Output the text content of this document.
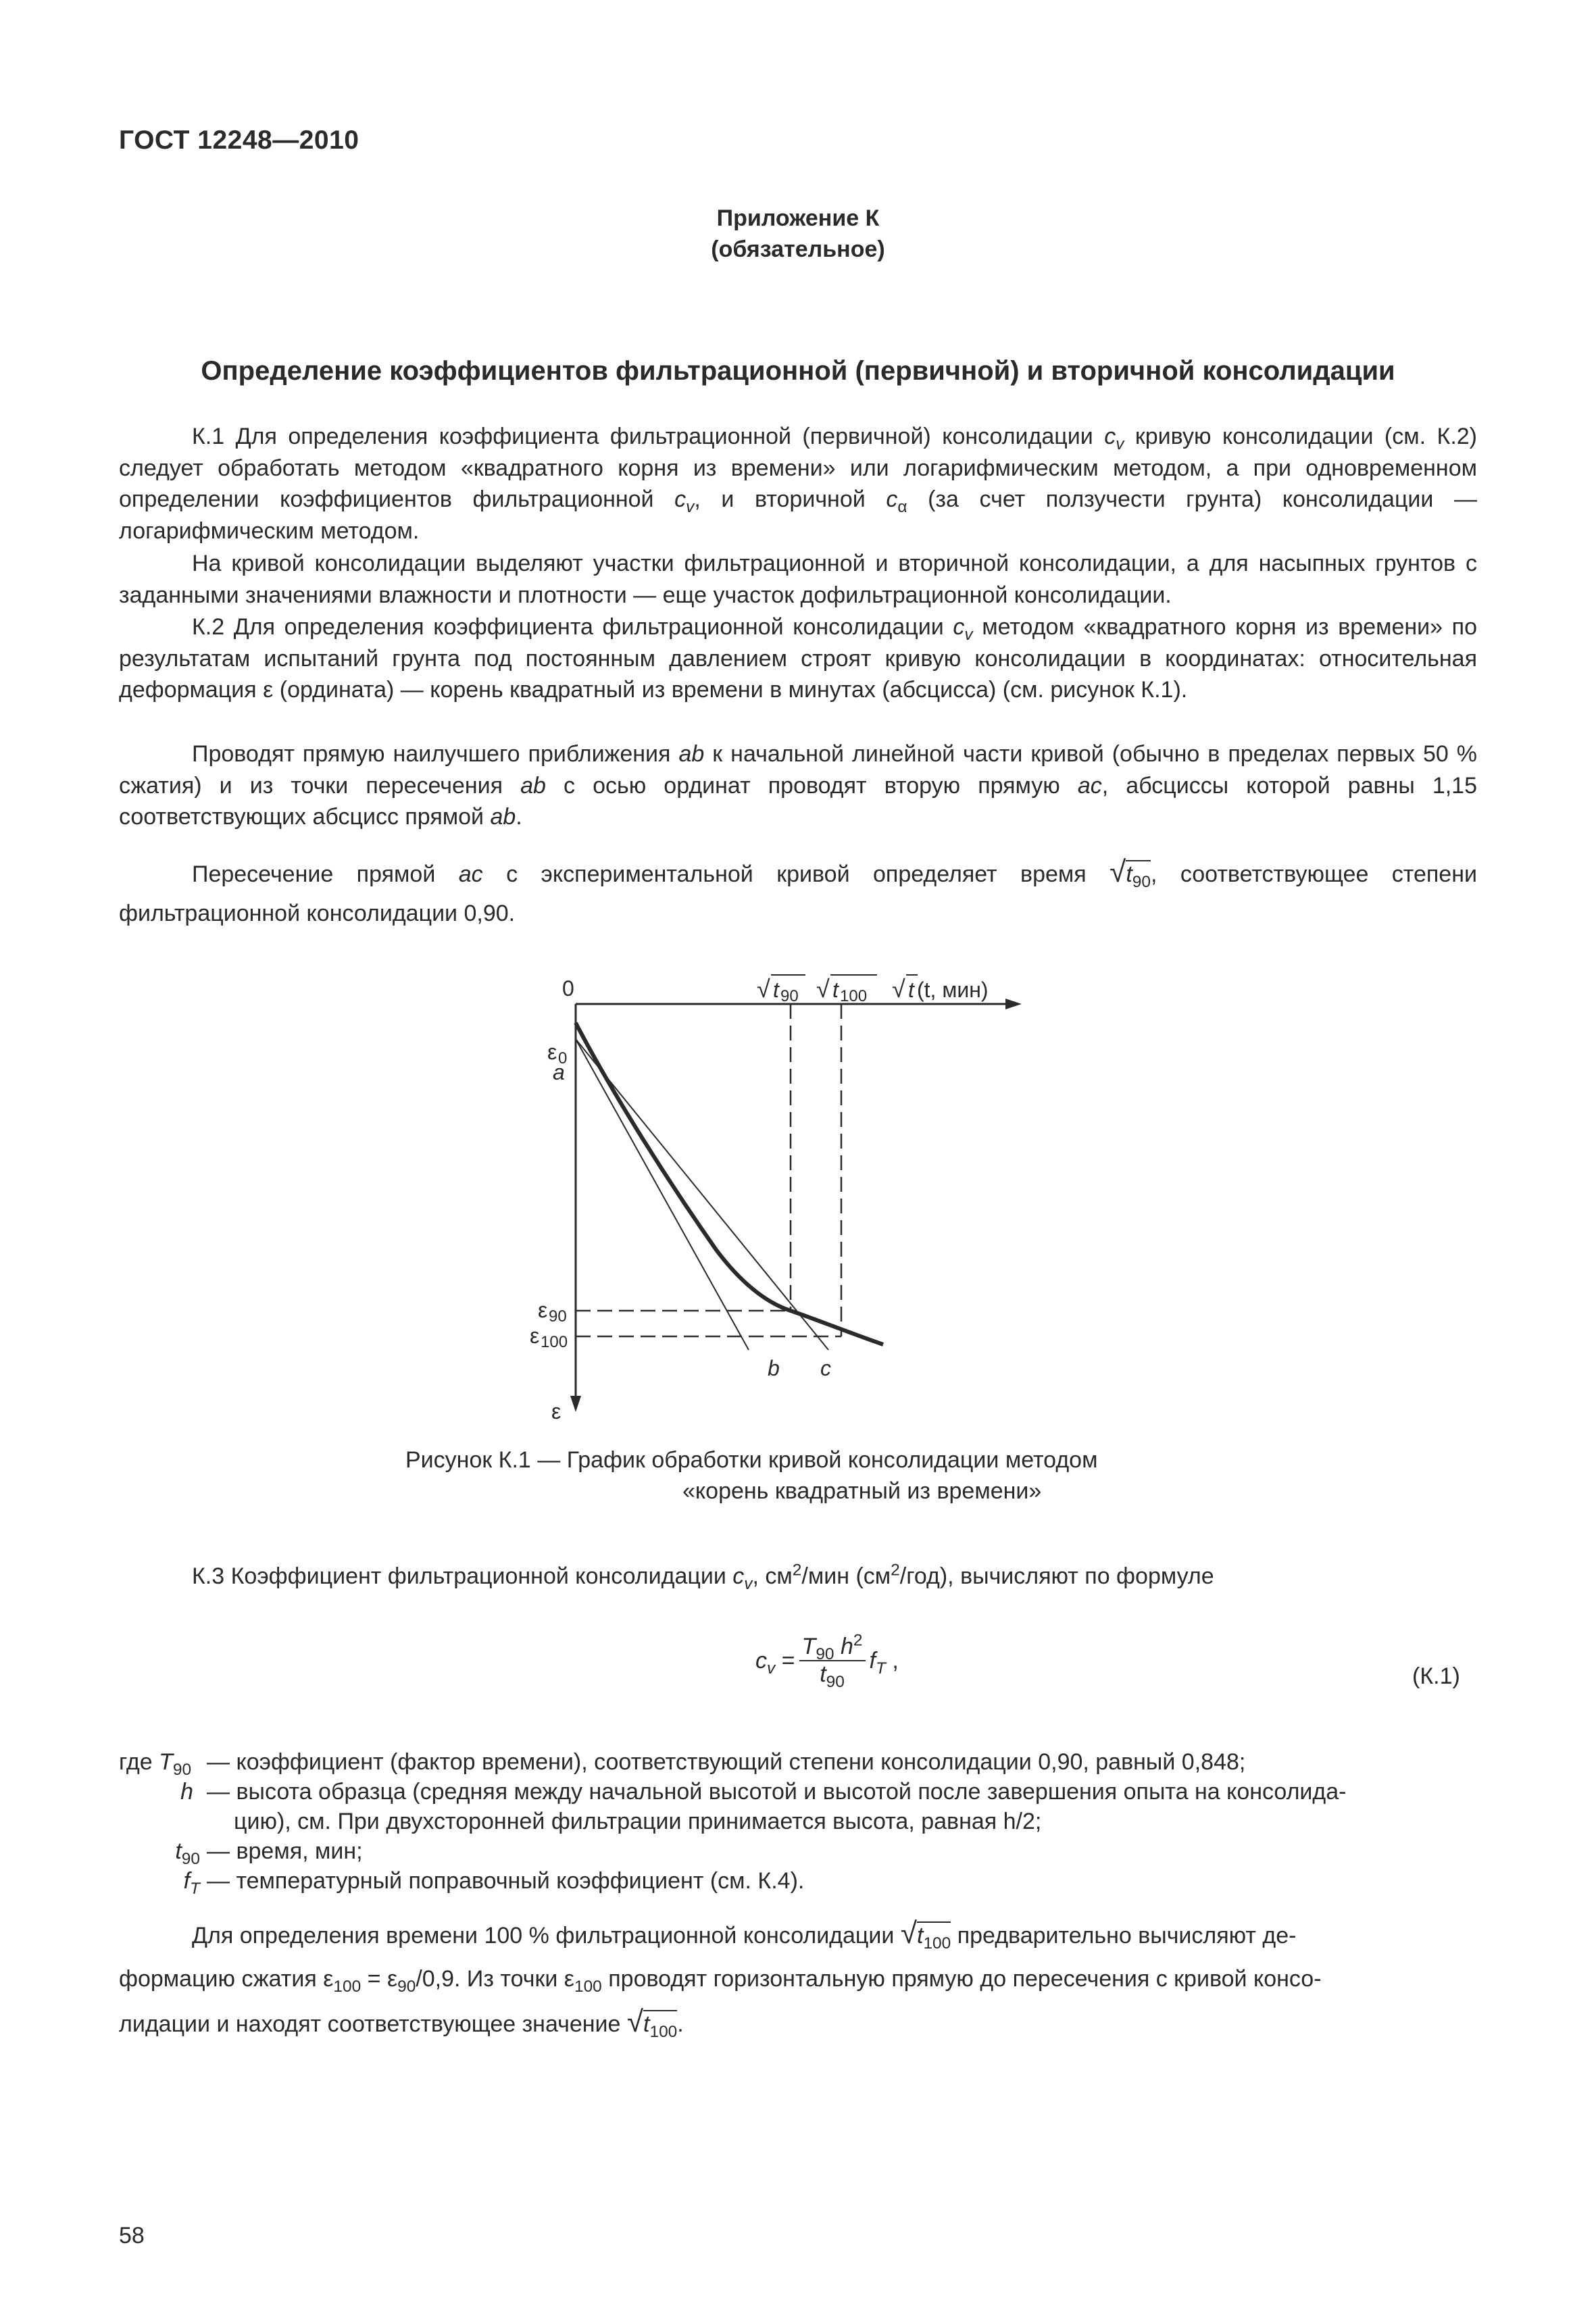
ГОСТ 12248—2010
Приложение К
(обязательное)
Определение коэффициентов фильтрационной (первичной) и вторичной консолидации
К.1 Для определения коэффициента фильтрационной (первичной) консолидации $c_v$ кривую консолидации (см. К.2) следует обработать методом «квадратного корня из времени» или логарифмическим методом, а при одновременном определении коэффициентов фильтрационной $c_v$, и вторичной $c_\alpha$ (за счет ползучести грунта) консолидации — логарифмическим методом.
На кривой консолидации выделяют участки фильтрационной и вторичной консолидации, а для насыпных грунтов с заданными значениями влажности и плотности — еще участок дофильтрационной консолидации.
К.2 Для определения коэффициента фильтрационной консолидации $c_v$ методом «квадратного корня из времени» по результатам испытаний грунта под постоянным давлением строят кривую консолидации в координатах: относительная деформация ε (ордината) — корень квадратный из времени в минутах (абсцисса) (см. рисунок К.1).
Проводят прямую наилучшего приближения ab к начальной линейной части кривой (обычно в пределах первых 50 % сжатия) и из точки пересечения ab с осью ординат проводят вторую прямую ac, абсциссы которой равны 1,15 соответствующих абсцисс прямой ab.
Пересечение прямой ac с экспериментальной кривой определяет время $√t_{90}$, соответствующее степени фильтрационной консолидации 0,90.
0	√ t 90 √ t 100 √ t (t, мин)
ε 0
a
ε 90
ε 100
b c
ε
Рисунок К.1 — График обработки кривой консолидации методом
«корень квадратный из времени»
К.3 Коэффициент фильтрационной консолидации $c_v$, $см^2$/мин $(см^2/год)$, вычисляют по формуле
$c_v = \frac{T_{90} h^2}{t_{90}} f_T$ ,
(К.1)
где $T_{90}$ — коэффициент (фактор времени), соответствующий степени консолидации 0,90, равный 0,848;
h — высота образца (средняя между начальной высотой и высотой после завершения опыта на консолида-
цию), см. При двухсторонней фильтрации принимается высота, равная h/2;
$t_{90}$ — время, мин;
$f_T$ — температурный поправочный коэффициент (см. К.4).
Для определения времени 100 % фильтрационной консолидации $√t_{100}$ предварительно вычисляют де-
формацию сжатия $\varepsilon_{100} = \varepsilon_{90}/0,9$. Из точки $\varepsilon_{100}$ проводят горизонтальную прямую до пересечения с кривой консо-
лидации и находят соответствующее значение $√t_{100}$.
58
